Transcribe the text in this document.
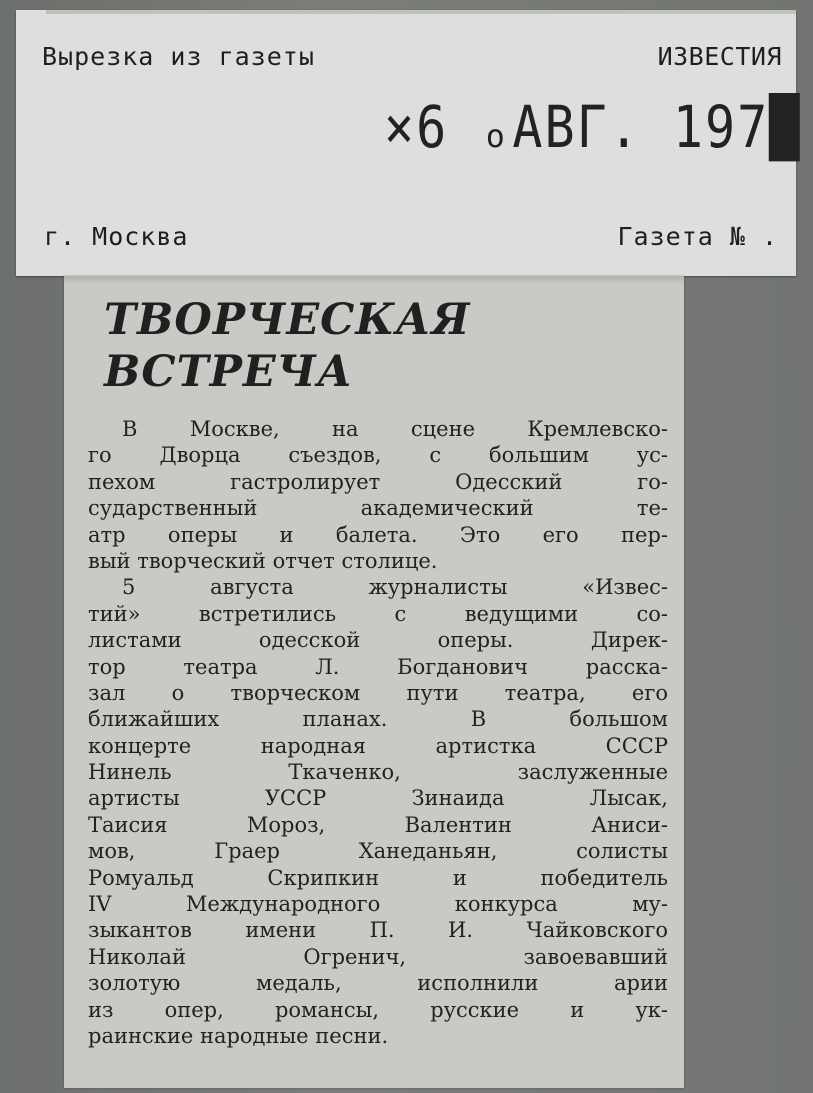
Вырезка из газеты	ИЗВЕСТИЯ
×6 ₒАВГ. 197█
г. Москва	Газета № .
ТВОРЧЕСКАЯ
ВСТРЕЧА
В Москве, на сцене Кремлевско-
го Дворца съездов, с большим ус-
пехом гастролирует Одесский го-
сударственный академический те-
атр оперы и балета. Это его пер-
вый творческий отчет столице.
5 августа журналисты «Извес-
тий» встретились с ведущими со-
листами одесской оперы. Дирек-
тор театра Л. Богданович расска-
зал о творческом пути театра, его
ближайших планах. В большом
концерте народная артистка СССР
Нинель Ткаченко, заслуженные
артисты УССР Зинаида Лысак,
Таисия Мороз, Валентин Аниси-
мов, Граер Ханеданьян, солисты
Ромуальд Скрипкин и победитель
IV Международного конкурса му-
зыкантов имени П. И. Чайковского
Николай Огренич, завоевавший
золотую медаль, исполнили арии
из опер, романсы, русские и ук-
раинские народные песни.
